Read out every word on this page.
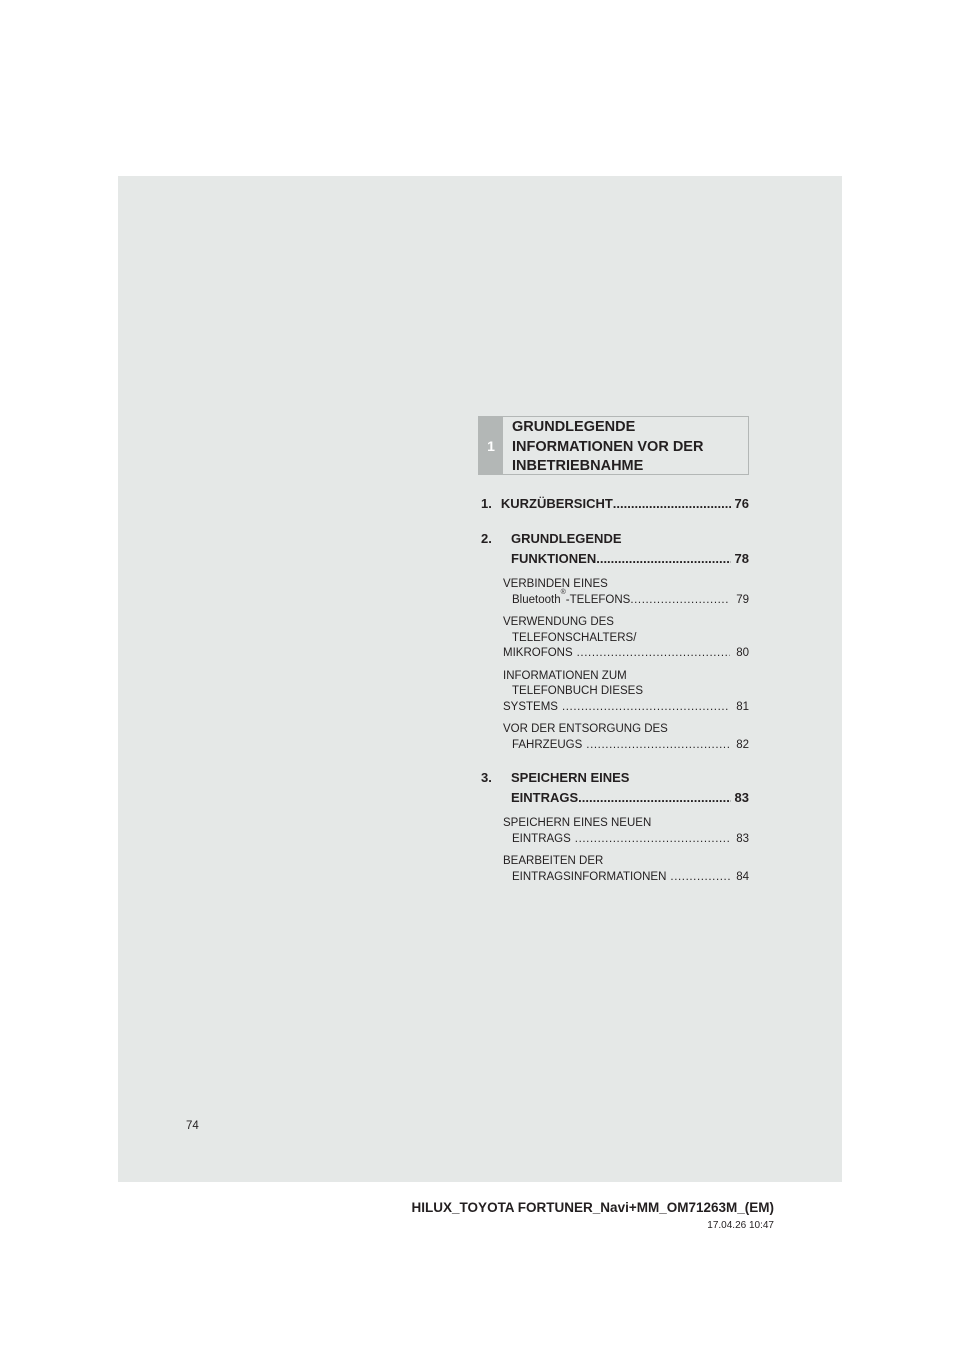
1
GRUNDLEGENDE
INFORMATIONEN VOR DER
INBETRIEBNAHME
1. KURZÜBERSICHT .....	76
2.	GRUNDLEGENDE
FUNKTIONEN .....	78
VERBINDEN EINES
Bluetooth
®
-TELEFONS .....	79
VERWENDUNG DES
TELEFONSCHALTERS/
MIKROFONS .....	80
INFORMATIONEN ZUM
TELEFONBUCH DIESES
SYSTEMS .....	81
VOR DER ENTSORGUNG DES
FAHRZEUGS .....	82
3.	SPEICHERN EINES
EINTRAGS .....	83
SPEICHERN EINES NEUEN
EINTRAGS .....	83
BEARBEITEN DER
EINTRAGSINFORMATIONEN .....	84
74
HILUX_TOYOTA FORTUNER_Navi+MM_OM71263M_(EM)
17.04.26 10:47
